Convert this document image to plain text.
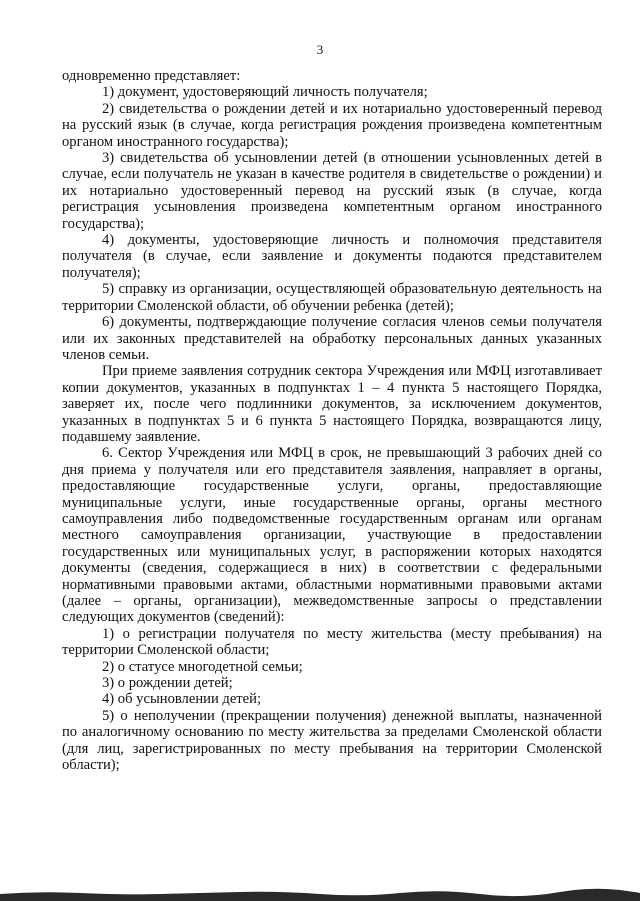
3

одновременно представляет:

1) документ, удостоверяющий личность получателя;

2) свидетельства о рождении детей и их нотариально удостоверенный перевод на русский язык (в случае, когда регистрация рождения произведена компетентным органом иностранного государства);

3) свидетельства об усыновлении детей (в отношении усыновленных детей в случае, если получатель не указан в качестве родителя в свидетельстве о рождении) и их нотариально удостоверенный перевод на русский язык (в случае, когда регистрация усыновления произведена компетентным органом иностранного государства);

4) документы, удостоверяющие личность и полномочия представителя получателя (в случае, если заявление и документы подаются представителем получателя);

5) справку из организации, осуществляющей образовательную деятельность на территории Смоленской области, об обучении ребенка (детей);

6) документы, подтверждающие получение согласия членов семьи получателя или их законных представителей на обработку персональных данных указанных членов семьи.

При приеме заявления сотрудник сектора Учреждения или МФЦ изготавливает копии документов, указанных в подпунктах 1 – 4 пункта 5 настоящего Порядка, заверяет их, после чего подлинники документов, за исключением документов, указанных в подпунктах 5 и 6 пункта 5 настоящего Порядка, возвращаются лицу, подавшему заявление.

6. Сектор Учреждения или МФЦ в срок, не превышающий 3 рабочих дней со дня приема у получателя или его представителя заявления, направляет в органы, предоставляющие государственные услуги, органы, предоставляющие муниципальные услуги, иные государственные органы, органы местного самоуправления либо подведомственные государственным органам или органам местного самоуправления организации, участвующие в предоставлении государственных или муниципальных услуг, в распоряжении которых находятся документы (сведения, содержащиеся в них) в соответствии с федеральными нормативными правовыми актами, областными нормативными правовыми актами (далее – органы, организации), межведомственные запросы о представлении следующих документов (сведений):

1) о регистрации получателя по месту жительства (месту пребывания) на территории Смоленской области;

2) о статусе многодетной семьи;

3) о рождении детей;

4) об усыновлении детей;

5) о неполучении (прекращении получения) денежной выплаты, назначенной по аналогичному основанию по месту жительства за пределами Смоленской области (для лиц, зарегистрированных по месту пребывания на территории Смоленской области);
